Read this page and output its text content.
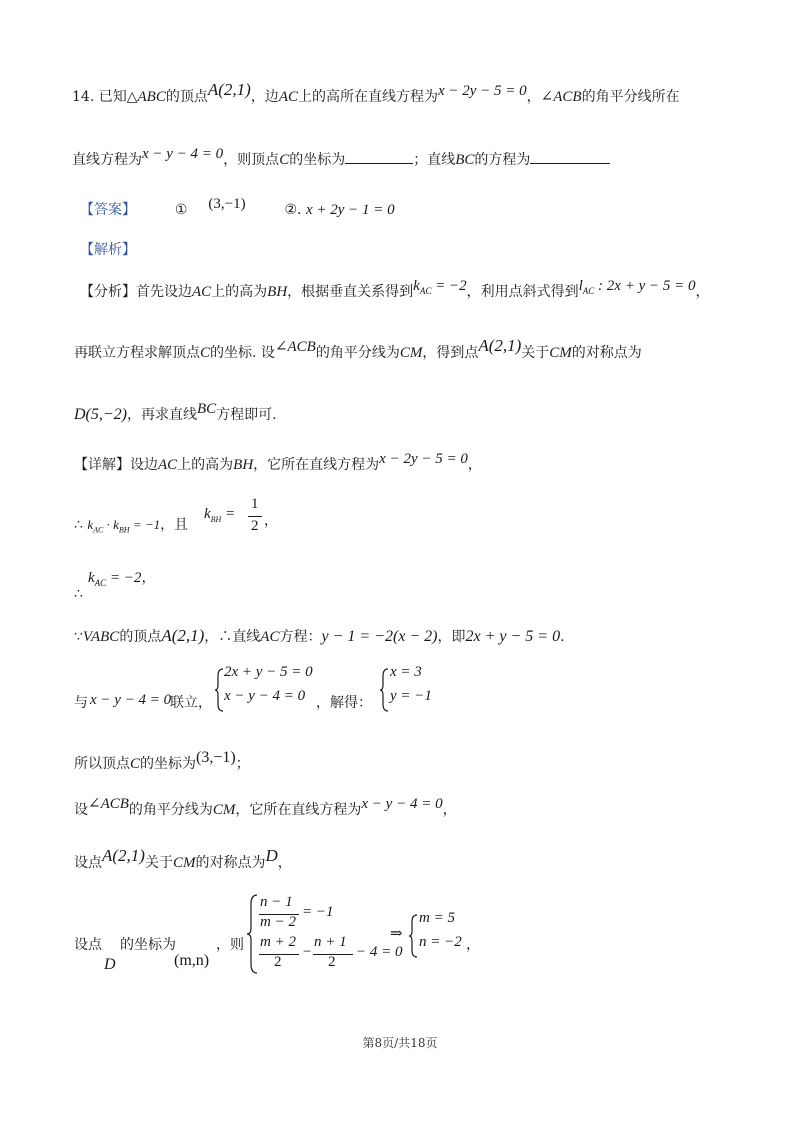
14. 已知△ABC的顶点A(2,1)，边AC上的高所在直线方程为x − 2y − 5 = 0，∠ACB的角平分线所在
直线方程为x − y − 4 = 0，则顶点C的坐标为	；直线BC的方程为
【答案】	① (3,−1)	②. x + 2y − 1 = 0
【解析】
【分析】首先设边AC上的高为BH，根据垂直关系得到$k_{AC} = -2$，利用点斜式得到$l_{AC}$ : 2x + y − 5 = 0，
再联立方程求解顶点C的坐标. 设∠ACB的角平分线为CM，得到点A(2,1)关于CM的对称点为
D(5,−2)，再求直线BC方程即可.
【详解】设边AC上的高为BH，它所在直线方程为x − 2y − 5 = 0，
∴ $k_{AC} \cdot k_{BH} = -1$，且
$k_{BH}$ =
1
2 ，
∴
$k_{AC} = -2$，
∵VABC的顶点A(2,1)，∴直线AC方程：y − 1 = −2(x − 2)，即2x + y − 5 = 0.
与 x − y − 4 = 0
联立，
2x + y − 5 = 0
x − y − 4 = 0 ，解得：
x = 3
y = −1
所以顶点C的坐标为(3,−1)；
设∠ACB的角平分线为CM，它所在直线方程为x − y − 4 = 0，
设点A(2,1)关于CM的对称点为D，
设点
D
的坐标为
(m,n)
，则
n − 1
m − 2
= −1
m + 2
2
−
n + 1
2
− 4 = 0
⇒
m = 5
n = −2 ，
第8页/共18页
